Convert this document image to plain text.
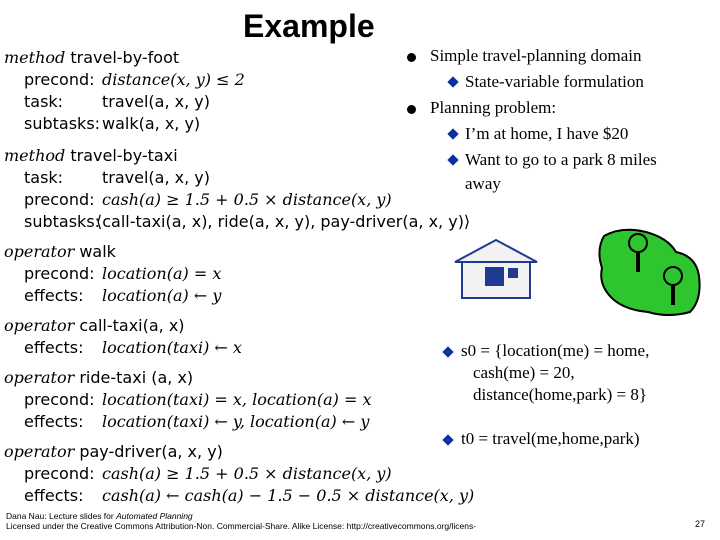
Example
method travel-by-foot
precond: distance(x, y) ≤ 2
task: travel(a, x, y)
subtasks: walk(a, x, y)
method travel-by-taxi
task: travel(a, x, y)
precond: cash(a) ≥ 1.5 + 0.5 × distance(x, y)
subtasks:
⟨call-taxi(a, x), ride(a, x, y), pay-driver(a, x, y)⟩
operator walk
precond: location(a) = x
effects: location(a) ← y
operator call-taxi(a, x)
effects: location(taxi) ← x
operator ride-taxi (a, x)
precond: location(taxi) = x, location(a) = x
effects: location(taxi) ← y, location(a) ← y
operator pay-driver(a, x, y)
precond: cash(a) ≥ 1.5 + 0.5 × distance(x, y)
effects: cash(a) ← cash(a) − 1.5 − 0.5 × distance(x, y)
Simple travel-planning domain
State-variable formulation
Planning problem:
I’m at home, I have $20
Want to go to a park 8 miles
away
s0 = {location(me) = home,
cash(me) = 20,
distance(home,park) = 8}
t0 = travel(me,home,park)
Dana Nau: Lecture slides for Automated Planning
Licensed under the Creative Commons Attribution-Non. Commercial-Share. Alike License: http://creativecommons.org/licens-	27
